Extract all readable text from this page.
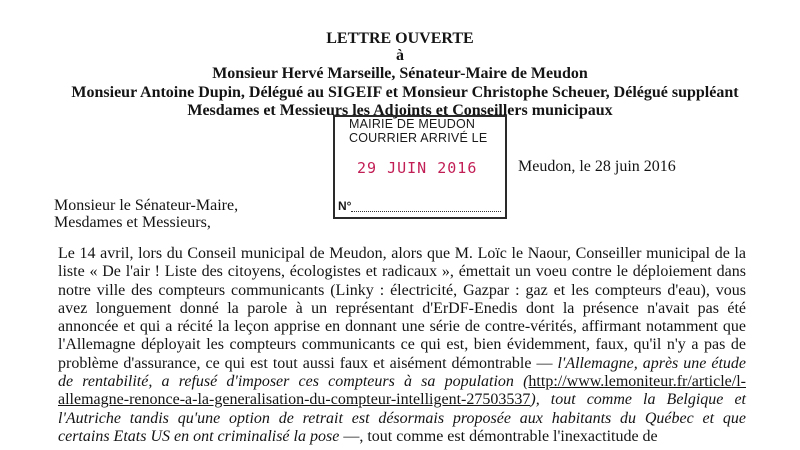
LETTRE OUVERTE
à
Monsieur Hervé Marseille, Sénateur-Maire de Meudon
Monsieur Antoine Dupin, Délégué au SIGEIF et Monsieur Christophe Scheuer, Délégué suppléant
Mesdames et Messieurs les Adjoints et Conseillers municipaux
MAIRIE DE MEUDON
COURRIER ARRIVÉ LE
29 JUIN 2016
N°
Meudon, le 28 juin 2016
Monsieur le Sénateur-Maire,
Mesdames et Messieurs,
Le 14 avril, lors du Conseil municipal de Meudon, alors que M. Loïc le Naour, Conseiller municipal de la
liste « De l'air ! Liste des citoyens, écologistes et radicaux », émettait un voeu contre le déploiement dans
notre ville des compteurs communicants (Linky : électricité, Gazpar : gaz et les compteurs d'eau), vous
avez longuement donné la parole à un représentant d'ErDF-Enedis dont la présence n'avait pas été
annoncée et qui a récité la leçon apprise en donnant une série de contre-vérités, affirmant notamment que
l'Allemagne déployait les compteurs communicants ce qui est, bien évidemment, faux, qu'il n'y a pas de
problème d'assurance, ce qui est tout aussi faux et aisément démontrable — l'Allemagne, après une étude
de rentabilité, a refusé d'imposer ces compteurs à sa population (http://www.lemoniteur.fr/article/l-
allemagne-renonce-a-la-generalisation-du-compteur-intelligent-27503537), tout comme la Belgique et
l'Autriche tandis qu'une option de retrait est désormais proposée aux habitants du Québec et que
certains Etats US en ont criminalisé la pose —, tout comme est démontrable l'inexactitude de
